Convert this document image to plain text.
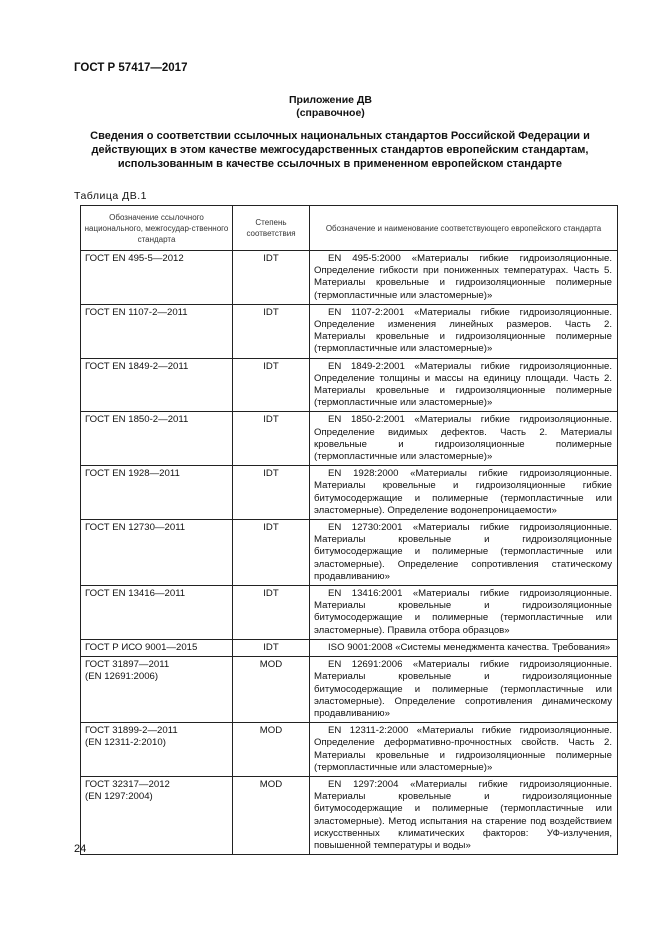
ГОСТ Р 57417—2017
Приложение ДВ
(справочное)
Сведения о соответствии ссылочных национальных стандартов Российской Федерации и действующих в этом качестве межгосударственных стандартов европейским стандартам, использованным в качестве ссылочных в примененном европейском стандарте
Таблица ДВ.1
Обозначение ссылочного национального, межгосудар-ственного стандарта	Степень соответствия	Обозначение и наименование соответствующего европейского стандарта
ГОСТ EN 495-5—2012	IDT	EN 495-5:2000 «Материалы гибкие гидроизоляционные. Определение гибкости при пониженных температурах. Часть 5. Материалы кровельные и гидроизоляционные полимерные (термопластичные или эластомерные)»
ГОСТ EN 1107-2—2011	IDT	EN 1107-2:2001 «Материалы гибкие гидроизоляционные. Определение изменения линейных размеров. Часть 2. Материалы кровельные и гидроизоляционные полимерные (термопластичные или эластомерные)»
ГОСТ EN 1849-2—2011	IDT	EN 1849-2:2001 «Материалы гибкие гидроизоляционные. Определение толщины и массы на единицу площади. Часть 2. Материалы кровельные и гидроизоляционные полимерные (термопластичные или эластомерные)»
ГОСТ EN 1850-2—2011	IDT	EN 1850-2:2001 «Материалы гибкие гидроизоляционные. Определение видимых дефектов. Часть 2. Материалы кровельные и гидроизоляционные полимерные (термопластичные или эластомерные)»
ГОСТ EN 1928—2011	IDT	EN 1928:2000 «Материалы гибкие гидроизоляционные. Материалы кровельные и гидроизоляционные гибкие битумосодержащие и полимерные (термопластичные или эластомерные). Определение водонепроницаемости»
ГОСТ EN 12730—2011	IDT	EN 12730:2001 «Материалы гибкие гидроизоляционные. Материалы кровельные и гидроизоляционные битумосодержащие и полимерные (термопластичные или эластомерные). Определение сопротивления статическому продавливанию»
ГОСТ EN 13416—2011	IDT	EN 13416:2001 «Материалы гибкие гидроизоляционные. Материалы кровельные и гидроизоляционные битумосодержащие и полимерные (термопластичные или эластомерные). Правила отбора образцов»
ГОСТ Р ИСО 9001—2015	IDT	ISO 9001:2008 «Системы менеджмента качества. Требования»
ГОСТ 31897—2011
(EN 12691:2006)	MOD	EN 12691:2006 «Материалы гибкие гидроизоляционные. Материалы кровельные и гидроизоляционные битумосодержащие и полимерные (термопластичные или эластомерные). Определение сопротивления динамическому продавливанию»
ГОСТ 31899-2—2011
(EN 12311-2:2010)	MOD	EN 12311-2:2000 «Материалы гибкие гидроизоляционные. Определение деформативно-прочностных свойств. Часть 2. Материалы кровельные и гидроизоляционные полимерные (термопластичные или эластомерные)»
ГОСТ 32317—2012
(EN 1297:2004)	MOD	EN 1297:2004 «Материалы гибкие гидроизоляционные. Материалы кровельные и гидроизоляционные битумосодержащие и полимерные (термопластичные или эластомерные). Метод испытания на старение под воздействием искусственных климатических факторов: УФ-излучения, повышенной температуры и воды»
24
